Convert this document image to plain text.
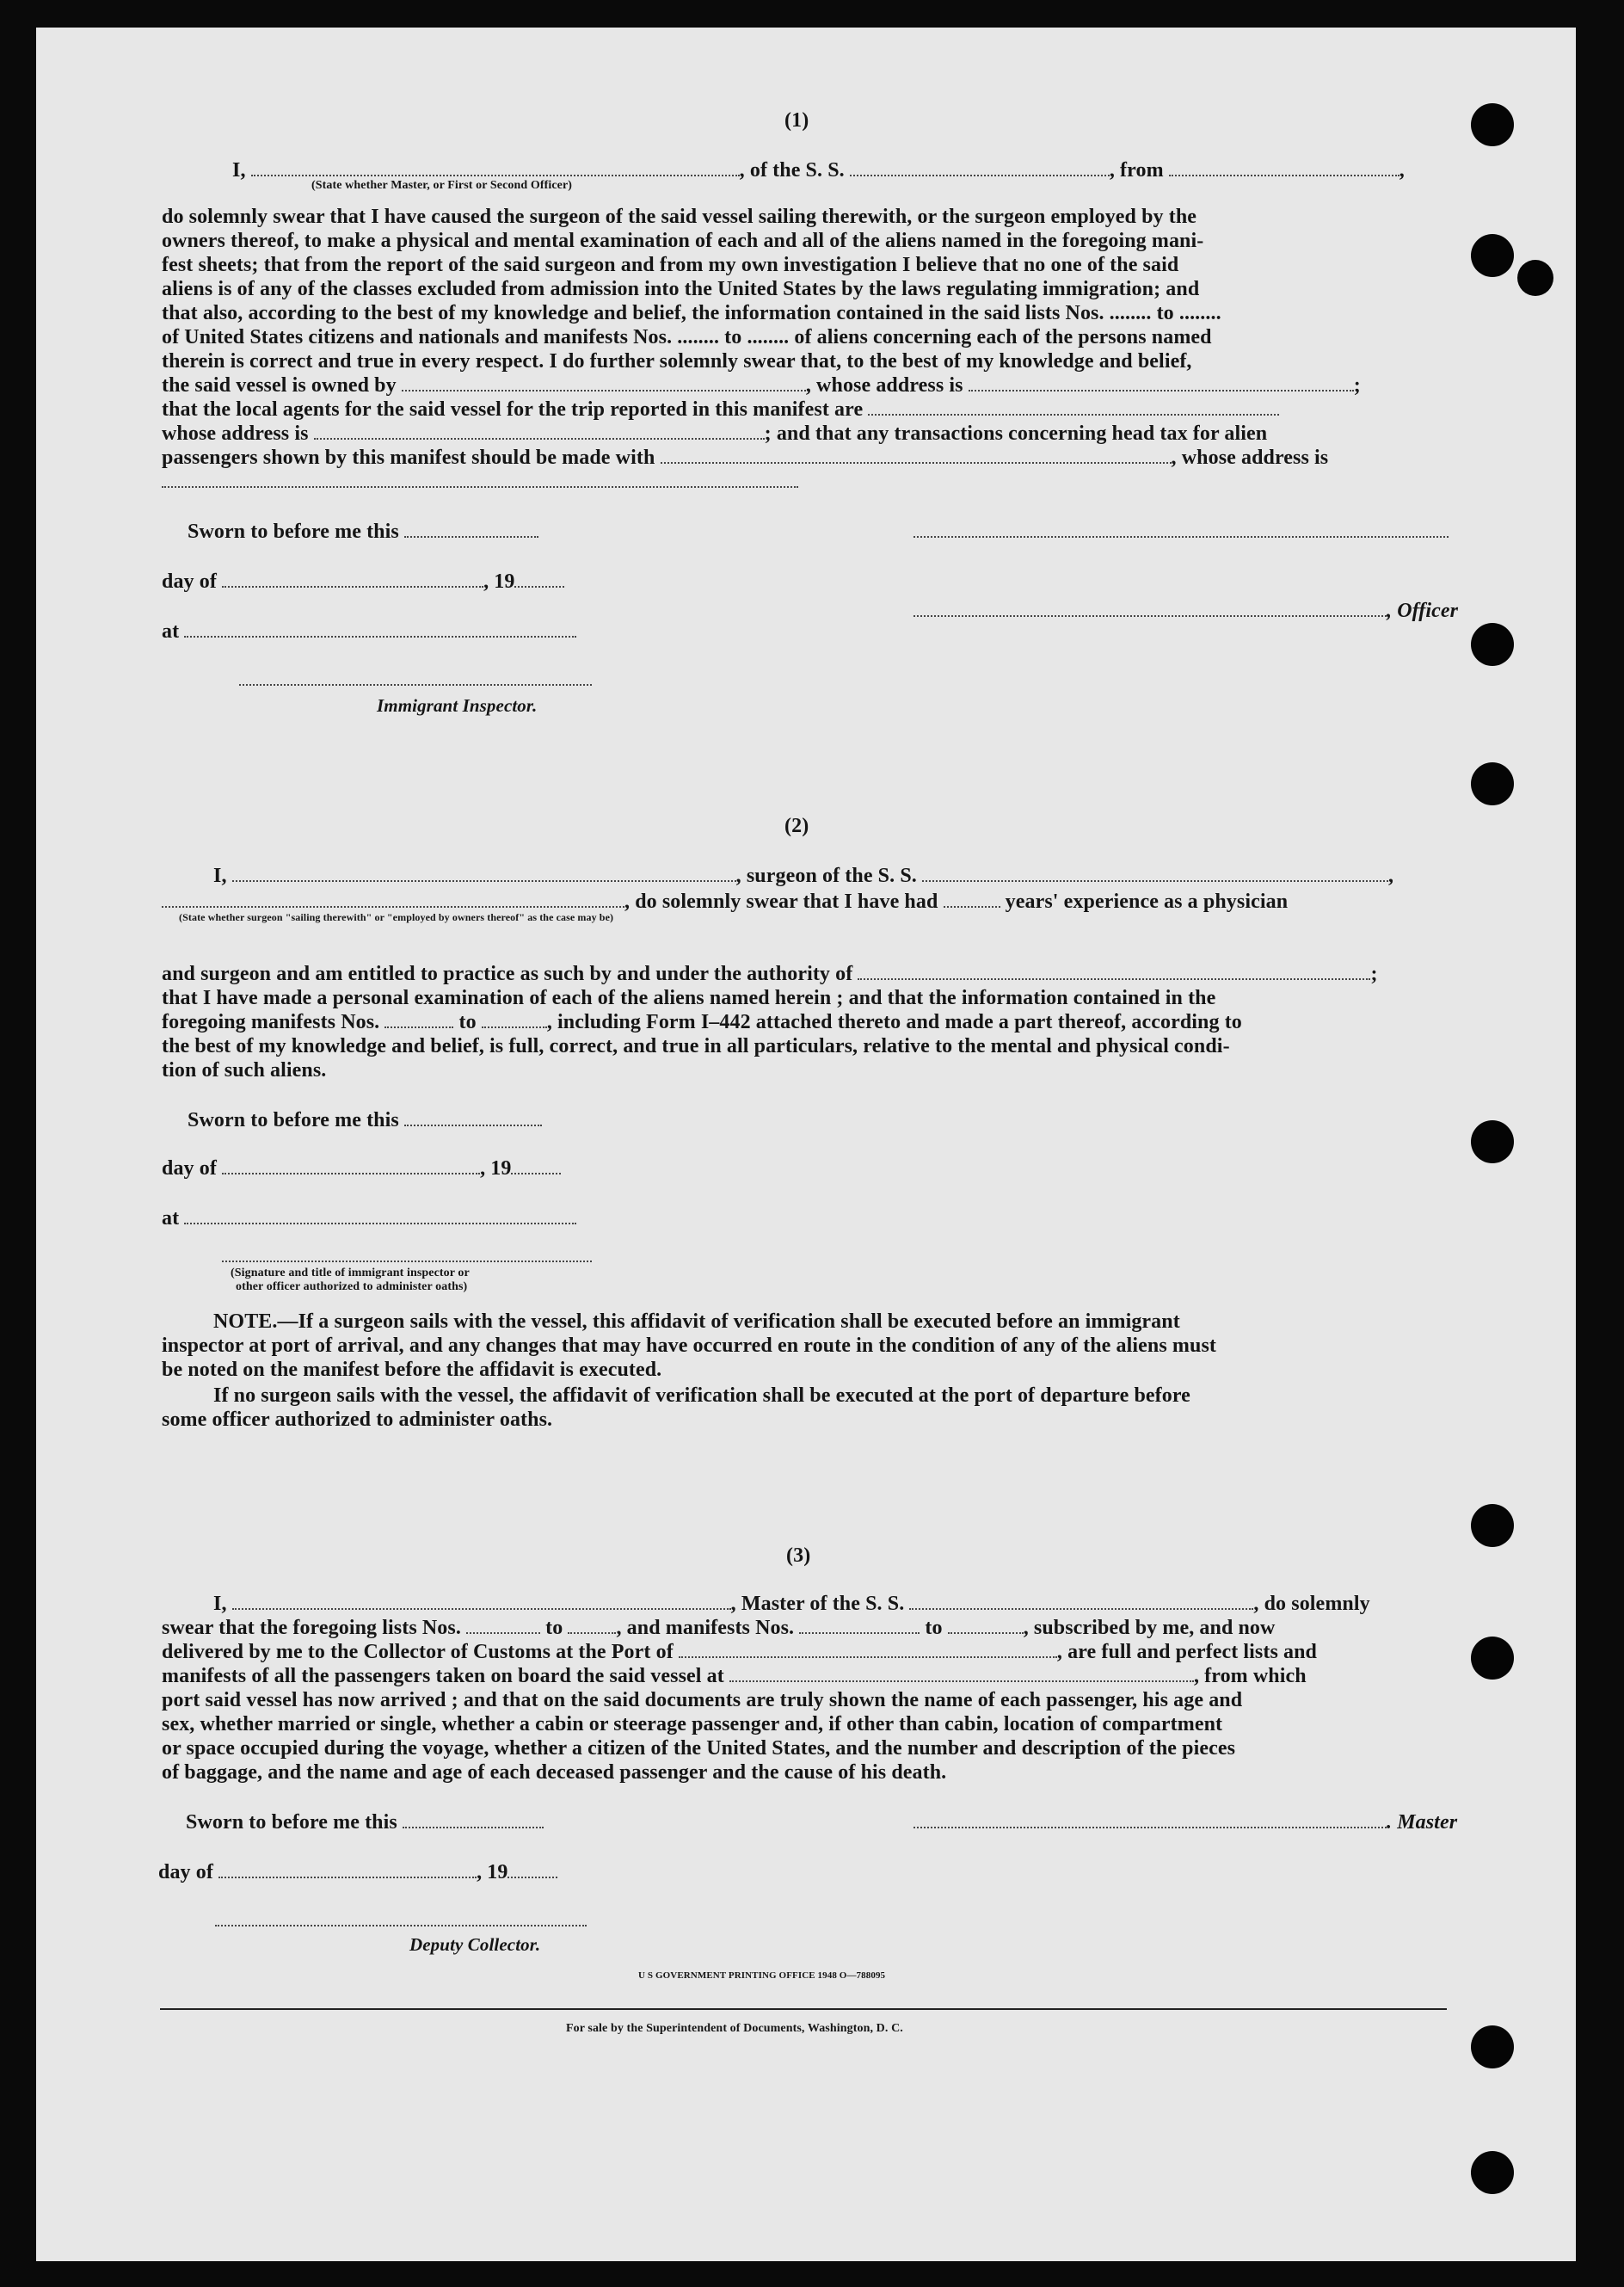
(1)
I,	, of the S. S.	, from	,
(State whether Master, or First or Second Officer)
do solemnly swear that I have caused the surgeon of the said vessel sailing therewith, or the surgeon employed by the
owners thereof, to make a physical and mental examination of each and all of the aliens named in the foregoing mani-
fest sheets; that from the report of the said surgeon and from my own investigation I believe that no one of the said
aliens is of any of the classes excluded from admission into the United States by the laws regulating immigration; and
that also, according to the best of my knowledge and belief, the information contained in the said lists Nos. ........ to ........
of United States citizens and nationals and manifests Nos. ........ to ........ of aliens concerning each of the persons named
therein is correct and true in every respect. I do further solemnly swear that, to the best of my knowledge and belief,
the said vessel is owned by	, whose address is	;
that the local agents for the said vessel for the trip reported in this manifest are
whose address is	; and that any transactions concerning head tax for alien
passengers shown by this manifest should be made with	, whose address is
Sworn to before me this
day of	, 19
, Officer
at
Immigrant Inspector.
(2)
I,	, surgeon of the S. S.	,
, do solemnly swear that I have had	years' experience as a physician
(State whether surgeon "sailing therewith" or "employed by owners thereof" as the case may be)
and surgeon and am entitled to practice as such by and under the authority of	;
that I have made a personal examination of each of the aliens named herein ; and that the information contained in the
foregoing manifests Nos.	to	, including Form I–442 attached thereto and made a part thereof, according to
the best of my knowledge and belief, is full, correct, and true in all particulars, relative to the mental and physical condi-
tion of such aliens.
Sworn to before me this
day of	, 19
at
(Signature and title of immigrant inspector or
other officer authorized to administer oaths)
NOTE.—If a surgeon sails with the vessel, this affidavit of verification shall be executed before an immigrant
inspector at port of arrival, and any changes that may have occurred en route in the condition of any of the aliens must
be noted on the manifest before the affidavit is executed.
If no surgeon sails with the vessel, the affidavit of verification shall be executed at the port of departure before
some officer authorized to administer oaths.
(3)
I,	, Master of the S. S.	, do solemnly
swear that the foregoing lists Nos.	to	, and manifests Nos.	to	, subscribed by me, and now
delivered by me to the Collector of Customs at the Port of	, are full and perfect lists and
manifests of all the passengers taken on board the said vessel at	, from which
port said vessel has now arrived ; and that on the said documents are truly shown the name of each passenger, his age and
sex, whether married or single, whether a cabin or steerage passenger and, if other than cabin, location of compartment
or space occupied during the voyage, whether a citizen of the United States, and the number and description of the pieces
of baggage, and the name and age of each deceased passenger and the cause of his death.
Sworn to before me this	. Master
day of	, 19
Deputy Collector.
U S GOVERNMENT PRINTING OFFICE 1948 O—788095
For sale by the Superintendent of Documents, Washington, D. C.
